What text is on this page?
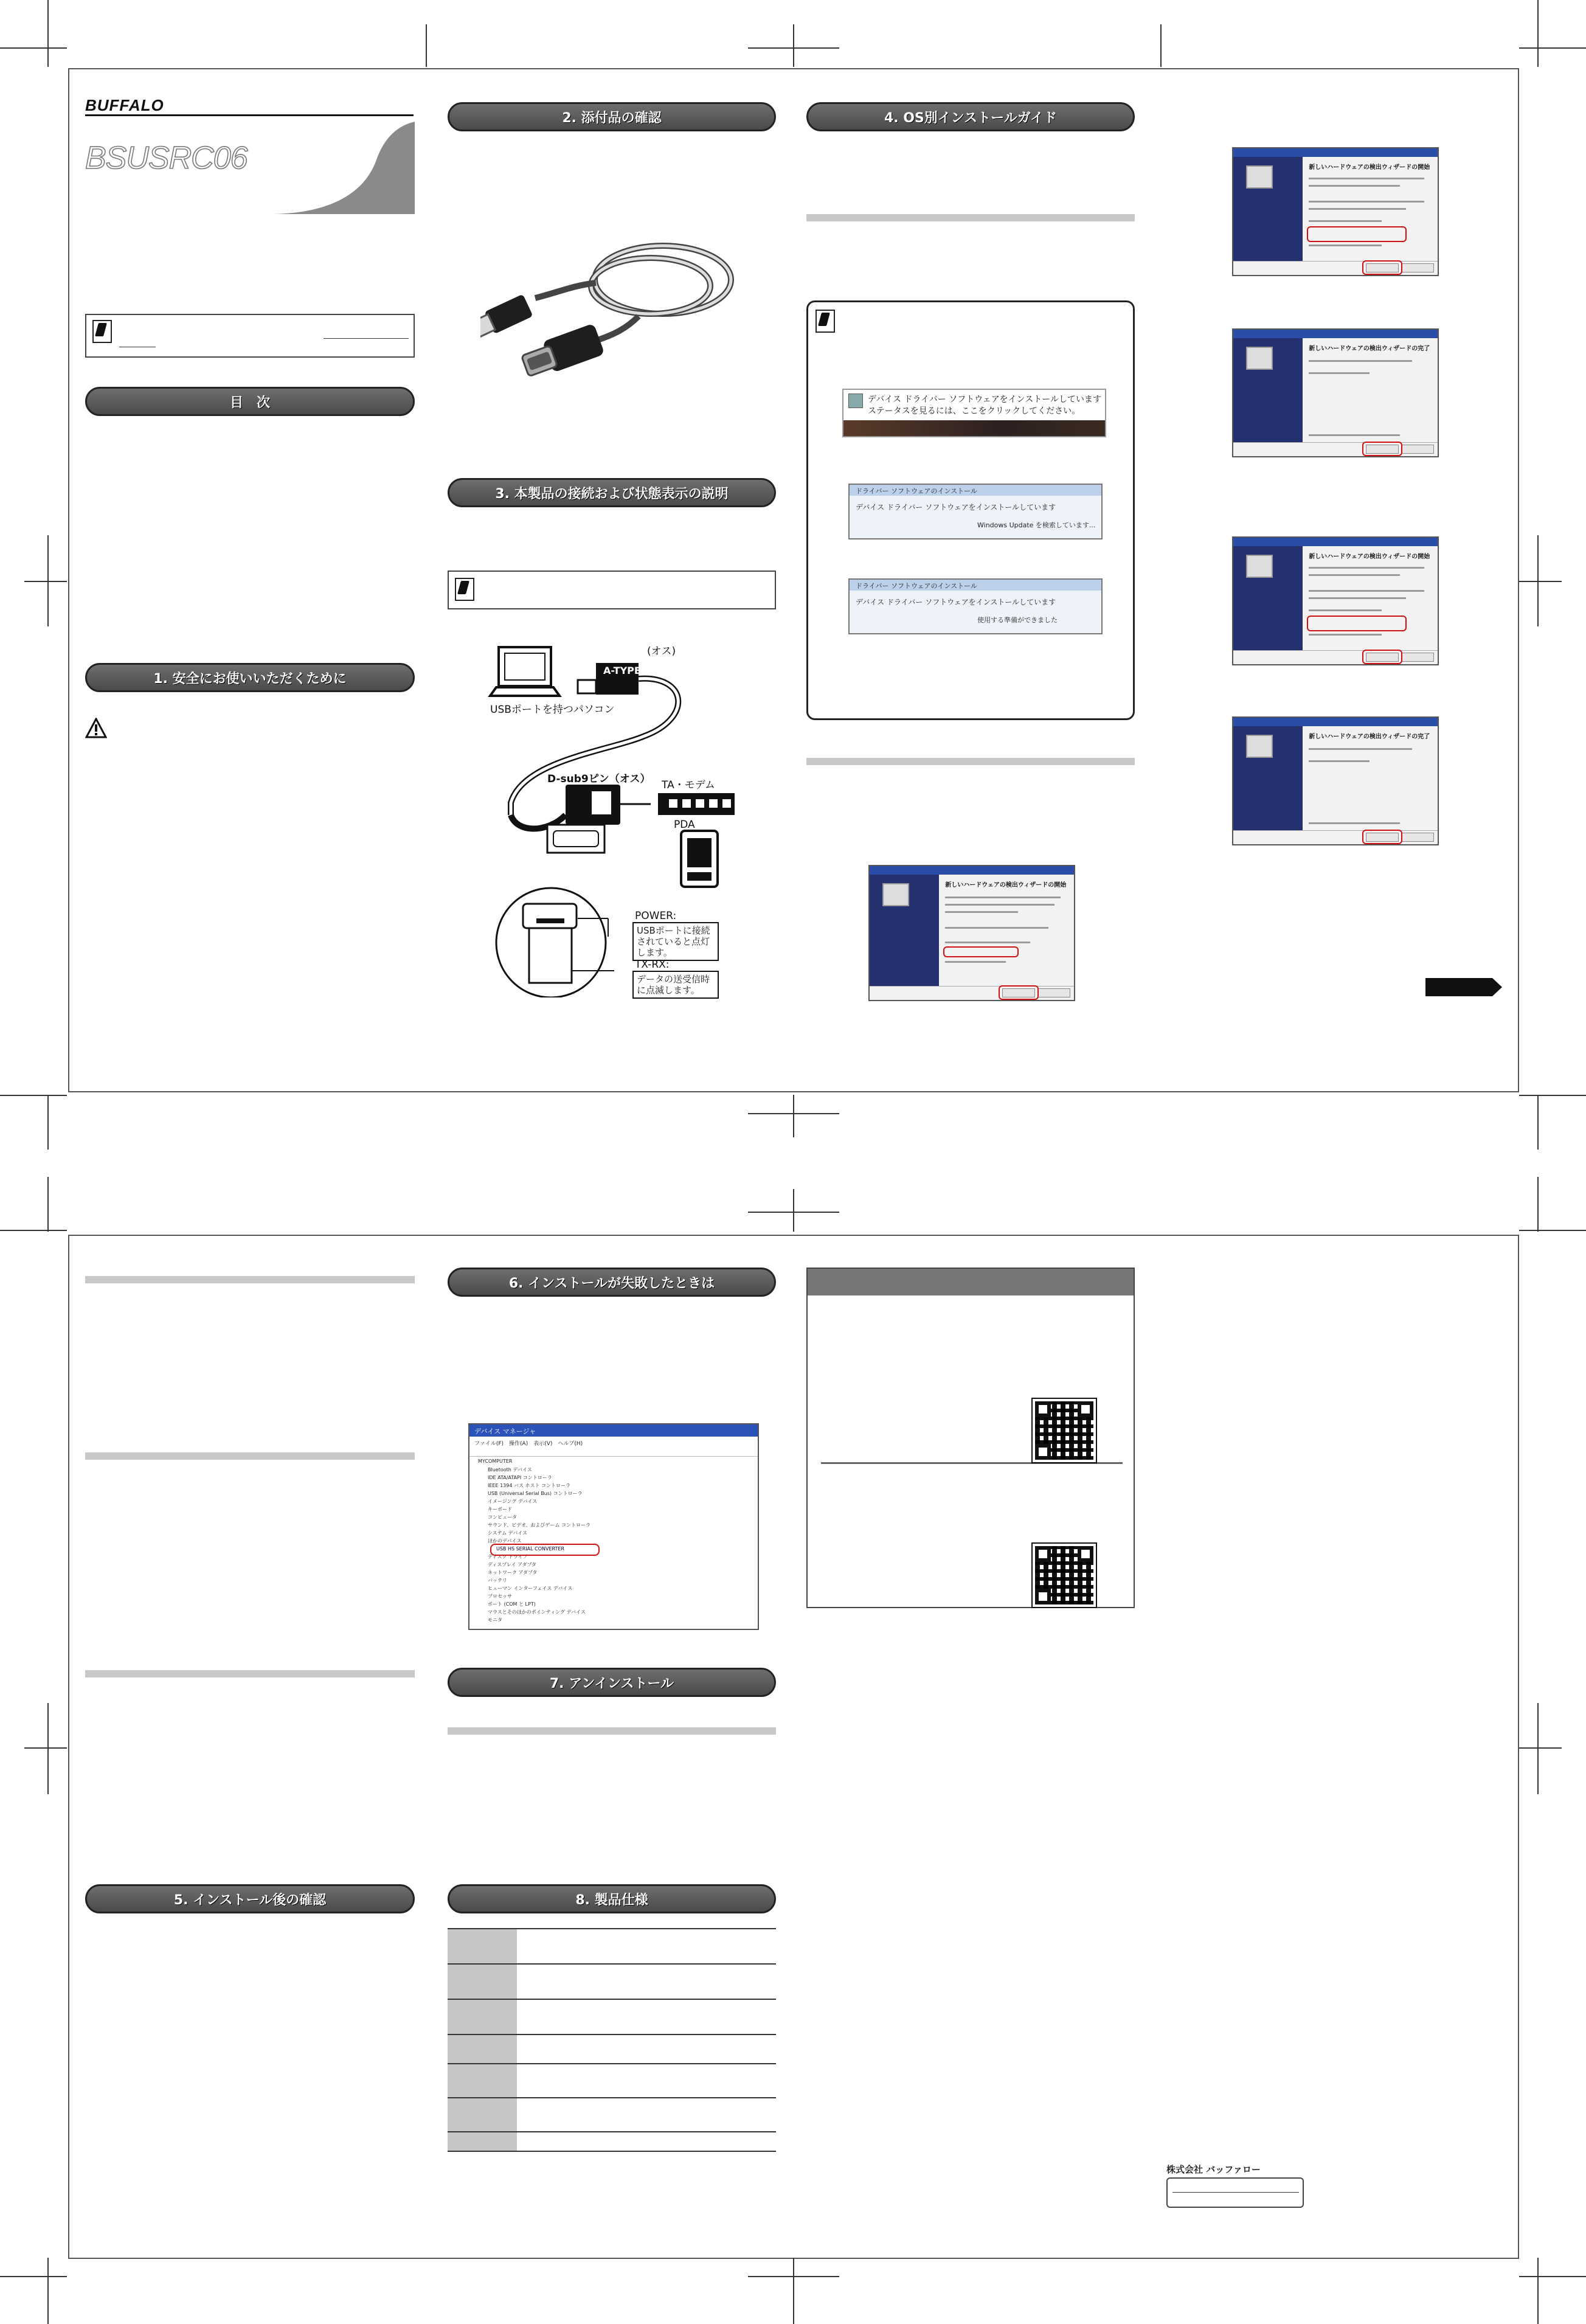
BUFFALO
BSUSRC06
目　次
1. 安全にお使いいただくために
2. 添付品の確認
3. 本製品の接続および状態表示の説明
(オス)
A-TYPE
USBポートを持つパソコン
D-sub9ピン（オス） TA・モデム
PDA
POWER:
USBポートに接続されていると点灯します。
TX-RX:
データの送受信時に点滅します。
4. OS別インストールガイド
デバイス ドライバー ソフトウェアをインストールしています
ステータスを見るには、ここをクリックしてください。
ドライバー ソフトウェアのインストール
デバイス ドライバー ソフトウェアをインストールしています
Windows Update を検索しています...
ドライバー ソフトウェアのインストール
デバイス ドライバー ソフトウェアをインストールしています
使用する準備ができました
新しいハードウェアの検出ウィザードの開始
新しいハードウェアの検出ウィザードの開始
新しいハードウェアの検出ウィザードの完了
新しいハードウェアの検出ウィザードの開始
新しいハードウェアの検出ウィザードの完了
5. インストール後の確認
6. インストールが失敗したときは
デバイス マネージャ
ファイル(F)　操作(A)　表示(V)　ヘルプ(H)
MYCOMPUTER
Bluetooth デバイス
IDE ATA/ATAPI コントローラ
IEEE 1394 バス ホスト コントローラ
USB (Universal Serial Bus) コントローラ
イメージング デバイス
キーボード
コンピュータ
サウンド、ビデオ、およびゲーム コントローラ
システム デバイス
ほかのデバイス
USB HS SERIAL CONVERTER
ディスク ドライブ
ディスプレイ アダプタ
ネットワーク アダプタ
バッテリ
ヒューマン インターフェイス デバイス
プロセッサ
ポート (COM と LPT)
マウスとそのほかのポインティング デバイス
モニタ
7. アンインストール
8. 製品仕様
株式会社 バッファロー
